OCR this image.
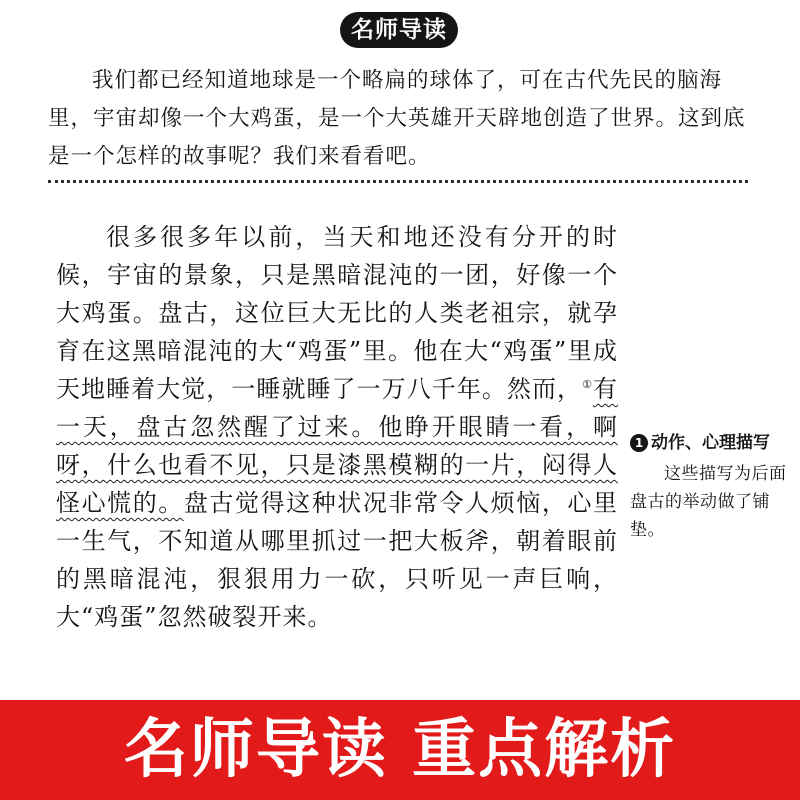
名师导读

我们都已经知道地球是一个略扁的球体了，可在古代先民的脑海里，宇宙却像一个大鸡蛋，是一个大英雄开天辟地创造了世界。这到底是一个怎样的故事呢？我们来看看吧。

很多很多年以前，当天和地还没有分开的时候，宇宙的景象，只是黑暗混沌的一团，好像一个大鸡蛋。盘古，这位巨大无比的人类老祖宗，就孕育在这黑暗混沌的大“鸡蛋”里。他在大“鸡蛋”里成天地睡着大觉，一睡就睡了一万八千年。然而，①有一天，盘古忽然醒了过来。他睁开眼睛一看，啊呀，什么也看不见，只是漆黑模糊的一片，闷得人怪心慌的。盘古觉得这种状况非常令人烦恼，心里一生气，不知道从哪里抓过一把大板斧，朝着眼前的黑暗混沌，狠狠用力一砍，只听见一声巨响，大“鸡蛋”忽然破裂开来。

1 动作、心理描写

这些描写为后面盘古的举动做了铺垫。

名师导读 重点解析
